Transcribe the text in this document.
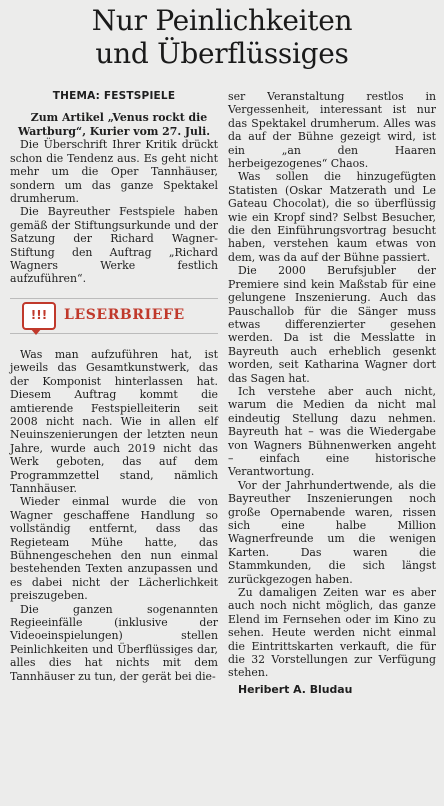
Nur Peinlichkeiten
und Überflüssiges
THEMA: FESTSPIELE

Zum Artikel „Venus rockt die Wartburg“, Kurier vom 27. Juli.

Die Überschrift Ihrer Kritik drückt schon die Tendenz aus. Es geht nicht mehr um die Oper Tannhäuser, sondern um das ganze Spektakel drumherum.

Die Bayreuther Festspiele haben gemäß der Stiftungsurkunde und der Satzung der Richard Wagner-Stiftung den Auftrag „Richard Wagners Werke festlich aufzuführen“.

!!!	LESERBRIEFE

Was man aufzuführen hat, ist jeweils das Gesamtkunstwerk, das der Komponist hinterlassen hat. Diesem Auftrag kommt die amtierende Festspielleiterin seit 2008 nicht nach. Wie in allen elf Neuinszenierungen der letzten neun Jahre, wurde auch 2019 nicht das Werk geboten, das auf dem Programmzettel stand, nämlich Tannhäuser.

Wieder einmal wurde die von Wagner geschaffene Handlung so vollständig entfernt, dass das Regieteam Mühe hatte, das Bühnengeschehen den nun einmal bestehenden Texten anzupassen und es dabei nicht der Lächerlichkeit preiszugeben.

Die ganzen sogenannten Regieeinfälle (inklusive der Videoeinspielungen) stellen Peinlichkeiten und Überflüssiges dar, alles dies hat nichts mit dem Tannhäuser zu tun, der gerät bei die-

ser Veranstaltung restlos in Vergessenheit, interessant ist nur das Spektakel drumherum. Alles was da auf der Bühne gezeigt wird, ist ein „an den Haaren herbeigezogenes“ Chaos.

Was sollen die hinzugefügten Statisten (Oskar Matzerath und Le Gateau Chocolat), die so überflüssig wie ein Kropf sind? Selbst Besucher, die den Einführungsvortrag besucht haben, verstehen kaum etwas von dem, was da auf der Bühne passiert.

Die 2000 Berufsjubler der Premiere sind kein Maßstab für eine gelungene Inszenierung. Auch das Pauschallob für die Sänger muss etwas differenzierter gesehen werden. Da ist die Messlatte in Bayreuth auch erheblich gesenkt worden, seit Katharina Wagner dort das Sagen hat.

Ich verstehe aber auch nicht, warum die Medien da nicht mal eindeutig Stellung dazu nehmen. Bayreuth hat – was die Wiedergabe von Wagners Bühnenwerken angeht – einfach eine historische Verantwortung.

Vor der Jahrhundertwende, als die Bayreuther Inszenierungen noch große Opernabende waren, rissen sich eine halbe Million Wagnerfreunde um die wenigen Karten. Das waren die Stammkunden, die sich längst zurückgezogen haben.

Zu damaligen Zeiten war es aber auch noch nicht möglich, das ganze Elend im Fernsehen oder im Kino zu sehen. Heute werden nicht einmal die Eintrittskarten verkauft, die für die 32 Vorstellungen zur Verfügung stehen.

Heribert A. Bludau
